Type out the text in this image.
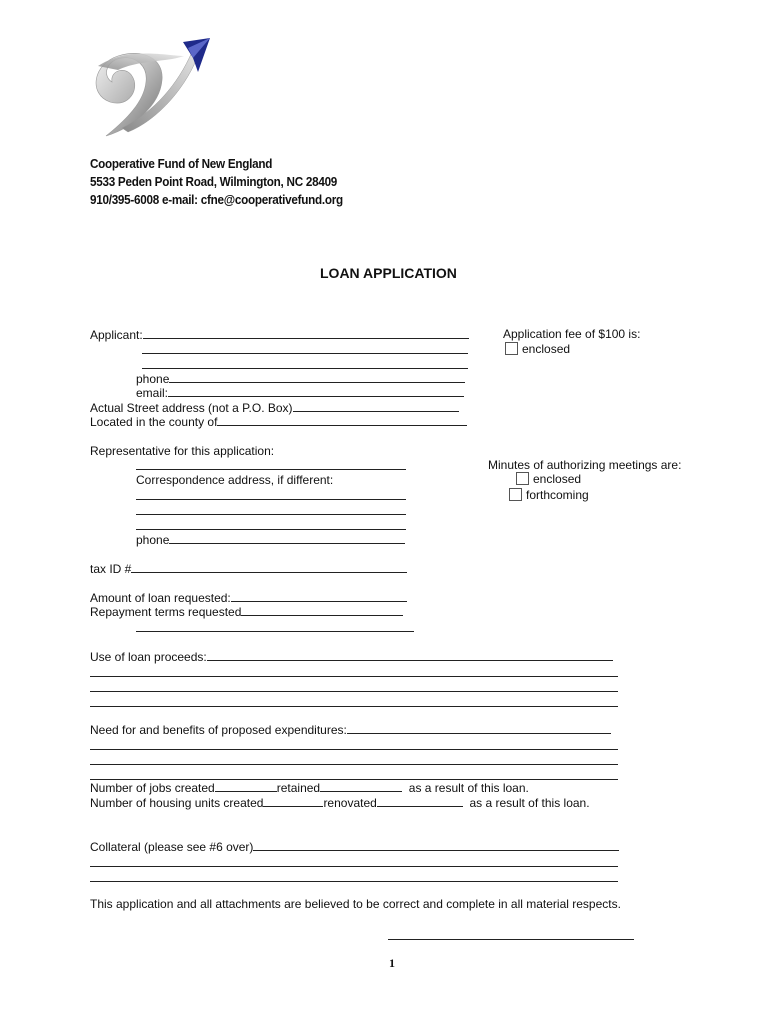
Cooperative Fund of New England
5533 Peden Point Road, Wilmington, NC 28409
910/395-6008 e-mail: cfne@cooperativefund.org
LOAN APPLICATION
Applicant:
phone
email:
Actual Street address (not a P.O. Box)
Located in the county of
Application fee of $100 is:
enclosed
Representative for this application:
Correspondence address, if different:
phone
Minutes of authorizing meetings are:
enclosed
forthcoming
tax ID #
Amount of loan requested:
Repayment terms requested
Use of loan proceeds:
Need for and benefits of proposed expenditures:
Number of jobs created	retained	as a result of this loan.
Number of housing units created	renovated	as a result of this loan.
Collateral (please see #6 over)
This application and all attachments are believed to be correct and complete in all material respects.
1
